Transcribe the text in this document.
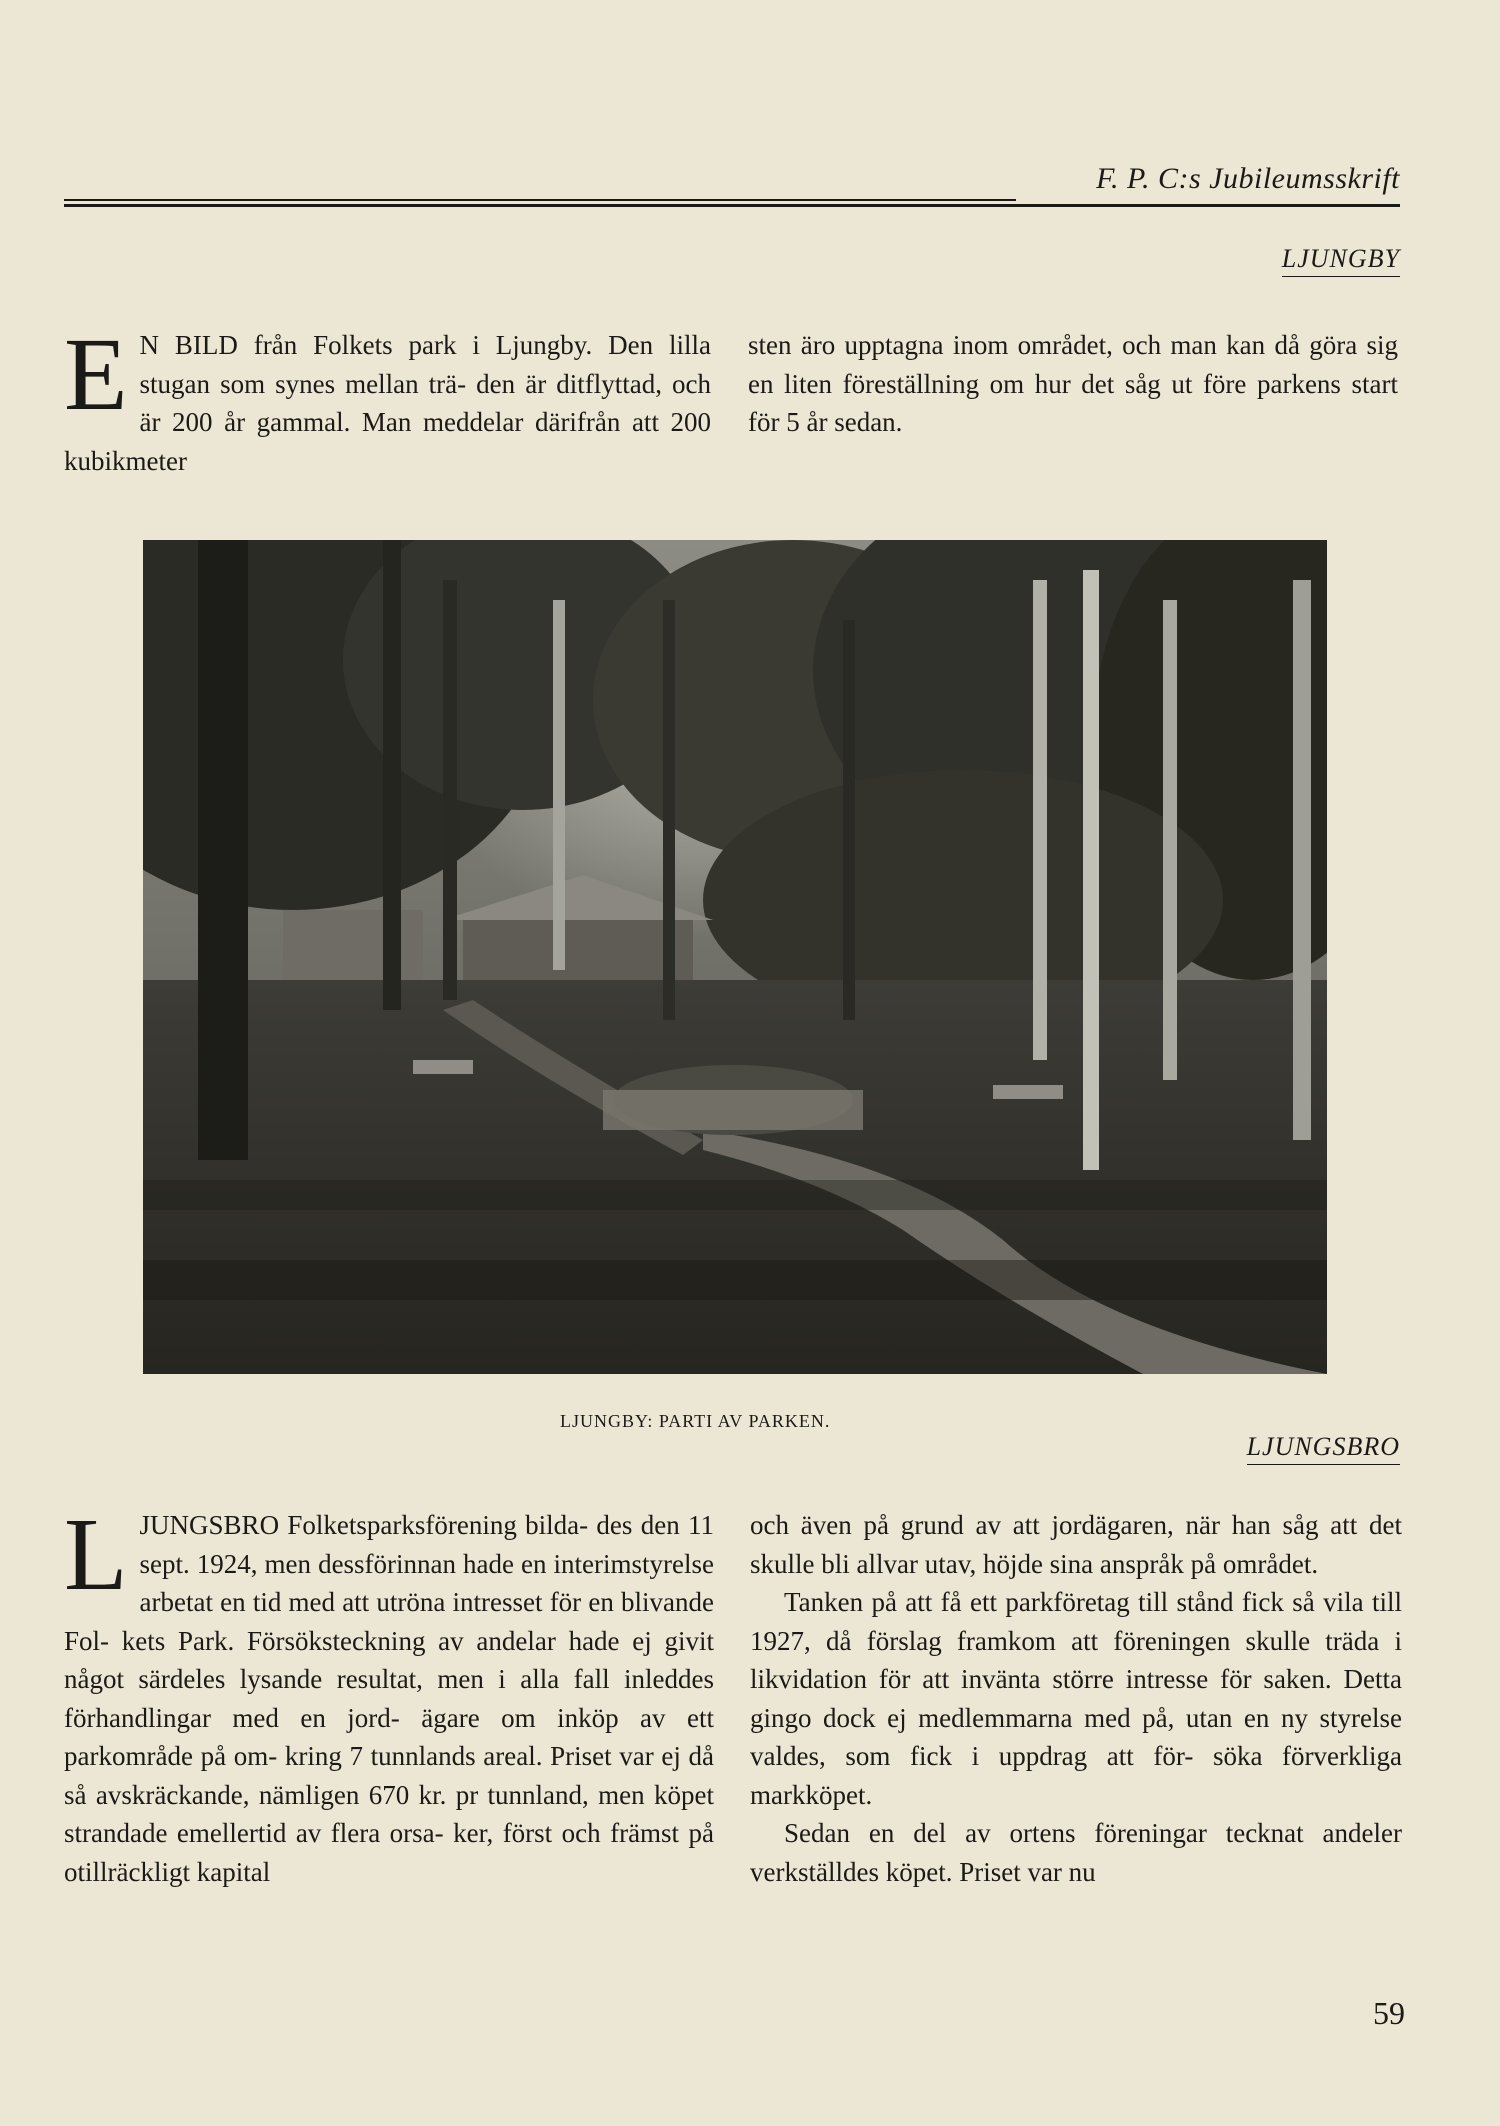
F. P. C:s Jubileumsskrift
LJUNGBY
E N BILD från Folkets park i Ljungby. Den lilla stugan som synes mellan trä- den är ditflyttad, och är 200 år gammal. Man meddelar därifrån att 200 kubikmeter

sten äro upptagna inom området, och man kan då göra sig en liten föreställning om hur det såg ut före parkens start för 5 år sedan.

LJUNGBY: PARTI AV PARKEN.
LJUNGSBRO
L JUNGSBRO Folketsparksförening bilda- des den 11 sept. 1924, men dessförinnan hade en interimstyrelse arbetat en tid med att utröna intresset för en blivande Fol- kets Park. Försöksteckning av andelar hade ej givit något särdeles lysande resultat, men i alla fall inleddes förhandlingar med en jord- ägare om inköp av ett parkområde på om- kring 7 tunnlands areal. Priset var ej då så avskräckande, nämligen 670 kr. pr tunnland, men köpet strandade emellertid av flera orsa- ker, först och främst på otillräckligt kapital

och även på grund av att jordägaren, när han såg att det skulle bli allvar utav, höjde sina anspråk på området.

Tanken på att få ett parkföretag till stånd fick så vila till 1927, då förslag framkom att föreningen skulle träda i likvidation för att invänta större intresse för saken. Detta gingo dock ej medlemmarna med på, utan en ny styrelse valdes, som fick i uppdrag att för- söka förverkliga markköpet.

Sedan en del av ortens föreningar tecknat andeler verkställdes köpet. Priset var nu

59
